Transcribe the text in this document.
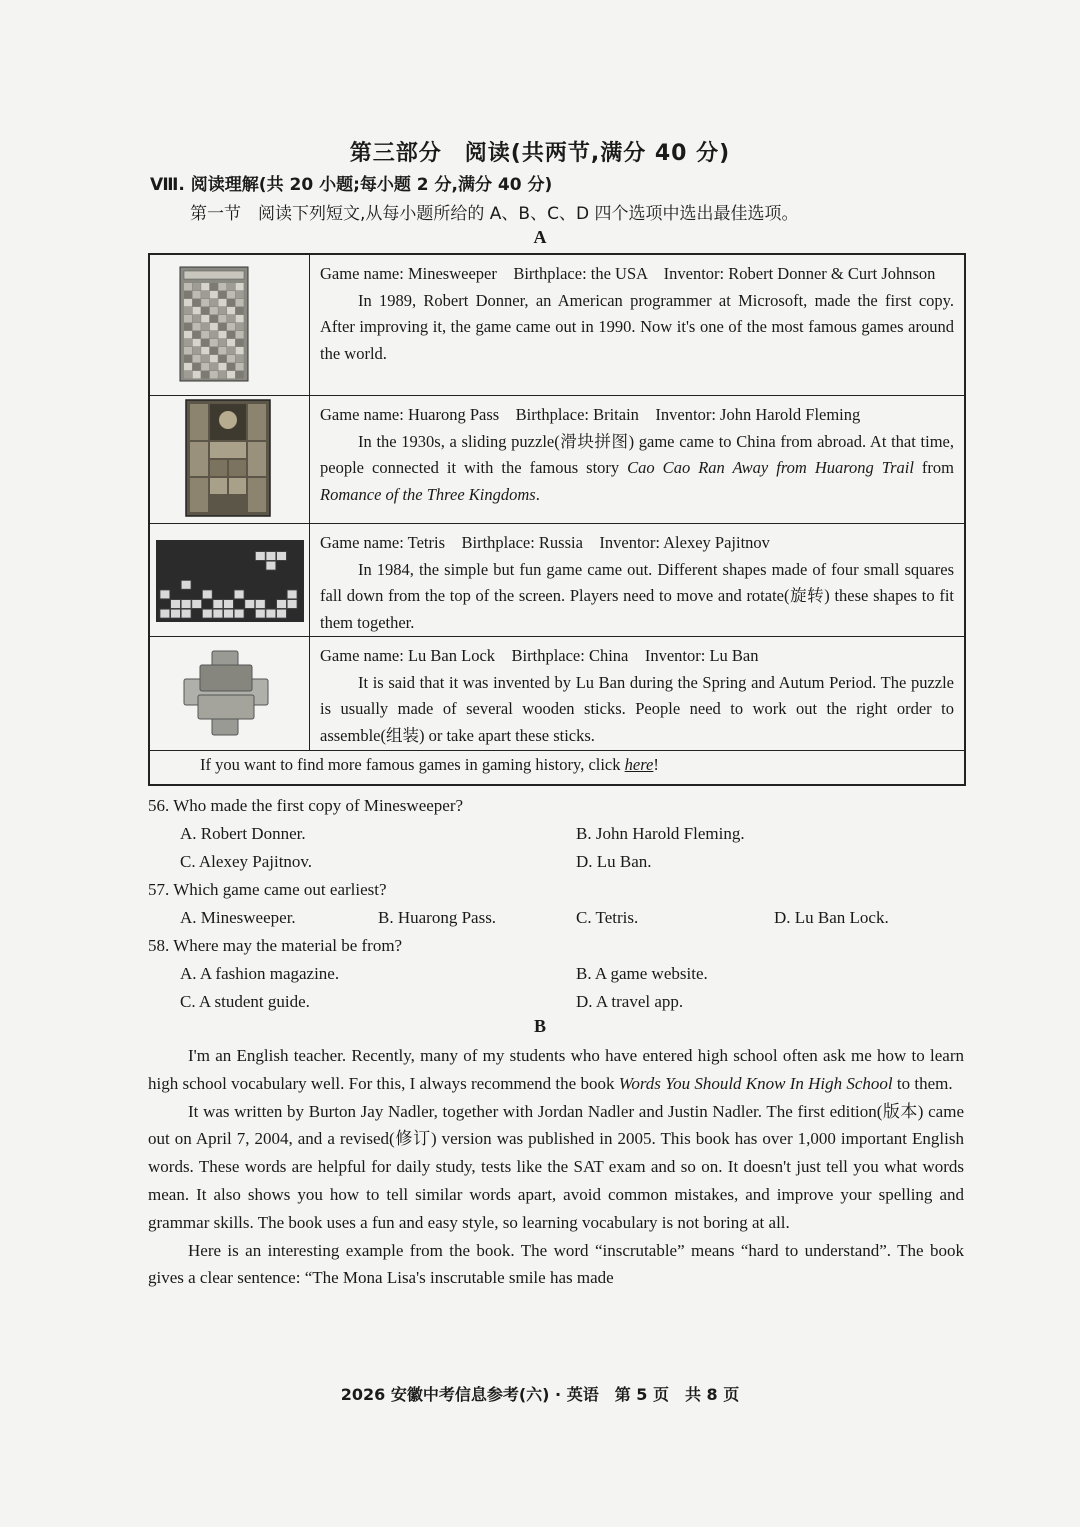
第三部分　阅读(共两节,满分 40 分)
Ⅷ. 阅读理解(共 20 小题;每小题 2 分,满分 40 分)
第一节　阅读下列短文,从每小题所给的 A、B、C、D 四个选项中选出最佳选项。
A
Game name: Minesweeper　Birthplace: the USA　Inventor: Robert Donner & Curt Johnson
In 1989, Robert Donner, an American programmer at Microsoft, made the first copy. After improving it, the game came out in 1990. Now it's one of the most famous games around the world.
Game name: Huarong Pass　Birthplace: Britain　Inventor: John Harold Fleming
In the 1930s, a sliding puzzle(滑块拼图) game came to China from abroad. At that time, people connected it with the famous story Cao Cao Ran Away from Huarong Trail from Romance of the Three Kingdoms.
Game name: Tetris　Birthplace: Russia　Inventor: Alexey Pajitnov
In 1984, the simple but fun game came out. Different shapes made of four small squares fall down from the top of the screen. Players need to move and rotate(旋转) these shapes to fit them together.
Game name: Lu Ban Lock　Birthplace: China　Inventor: Lu Ban
It is said that it was invented by Lu Ban during the Spring and Autum Period. The puzzle is usually made of several wooden sticks. People need to work out the right order to assemble(组装) or take apart these sticks.
If you want to find more famous games in gaming history, click here!
56. Who made the first copy of Minesweeper?
A. Robert Donner.	B. John Harold Fleming.
C. Alexey Pajitnov.	D. Lu Ban.
57. Which game came out earliest?
A. Minesweeper.	B. Huarong Pass.	C. Tetris.	D. Lu Ban Lock.
58. Where may the material be from?
A. A fashion magazine.	B. A game website.
C. A student guide.	D. A travel app.
B

I'm an English teacher. Recently, many of my students who have entered high school often ask me how to learn high school vocabulary well. For this, I always recommend the book Words You Should Know In High School to them.

It was written by Burton Jay Nadler, together with Jordan Nadler and Justin Nadler. The first edition(版本) came out on April 7, 2004, and a revised(修订) version was published in 2005. This book has over 1,000 important English words. These words are helpful for daily study, tests like the SAT exam and so on. It doesn't just tell you what words mean. It also shows you how to tell similar words apart, avoid common mistakes, and improve your spelling and grammar skills. The book uses a fun and easy style, so learning vocabulary is not boring at all.

Here is an interesting example from the book. The word “inscrutable” means “hard to understand”. The book gives a clear sentence: “The Mona Lisa's inscrutable smile has made

2026 安徽中考信息参考(六) · 英语　第 5 页　共 8 页
